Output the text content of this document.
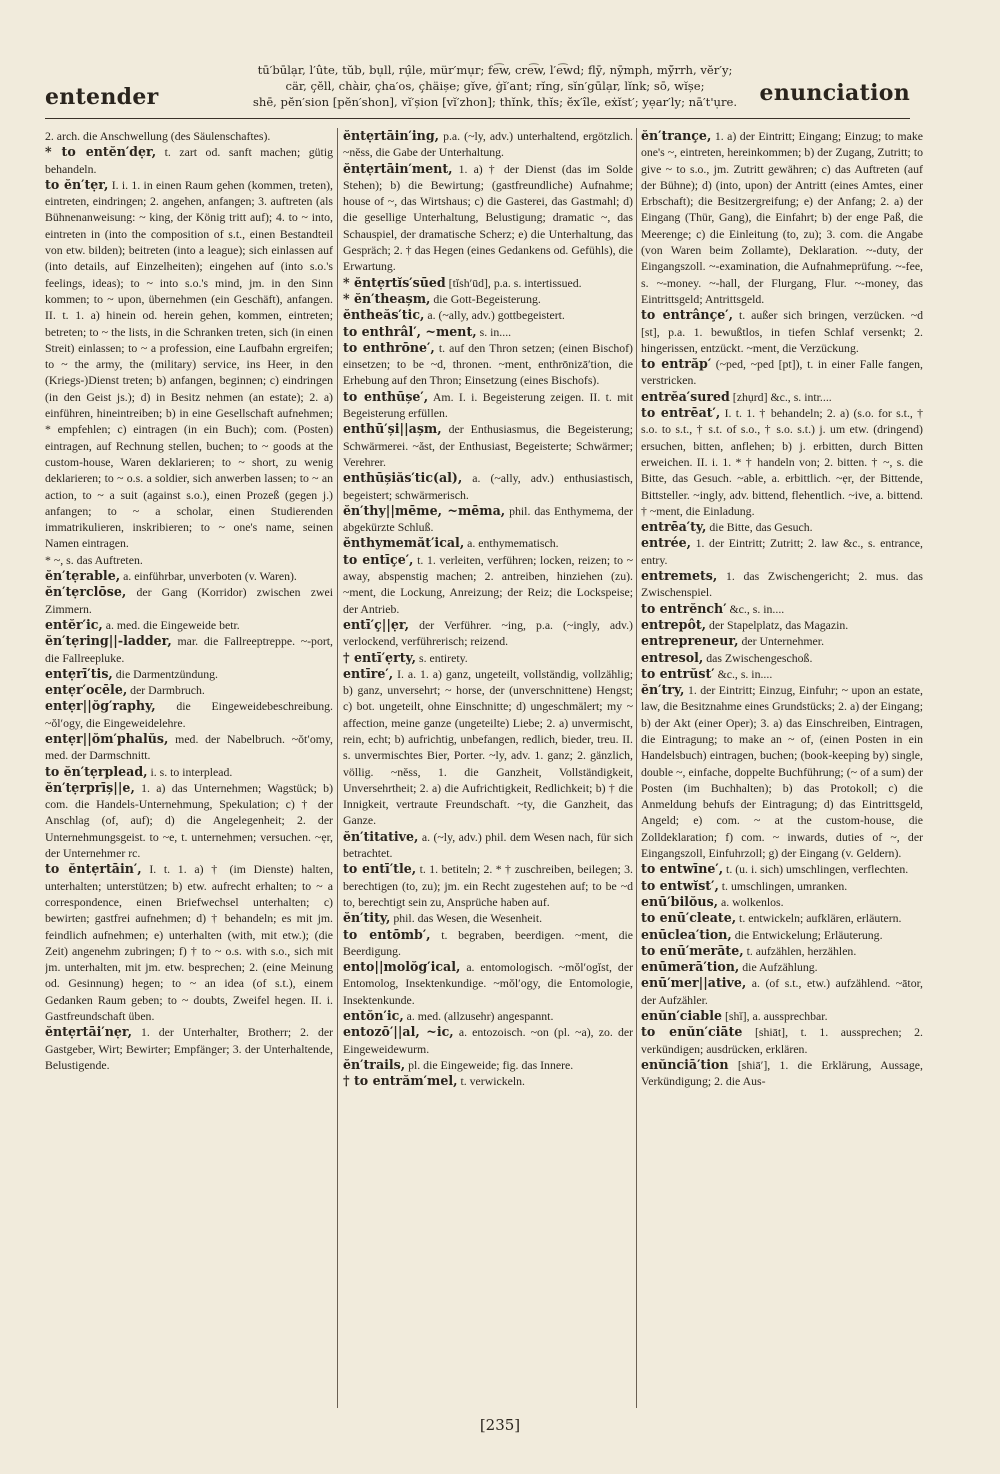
entender
tū′būlạr, l′ûte, tŭb, bụll, rụ̂le, mür′mụr; fe͡w, cre͡w, l′e͡wd; flȳ, nȳmph, mȳ̆rrh, vĕr′y;
cär, çĕll, chàir, çha′os, çhäișe; gĭve, ġĭ′ant; rĭng, sĭn′gūlạr, lĭnk; sō, wĭșe;
shē, pĕn′sion [pĕn′shon], vĭ′șion [vĭ′zhon]; thĭnk, thĭs; ĕx′île, eẋĭst′; yẹar′ly; nā′t'ụre.	enunciation

2. arch. die Anschwellung (des Säulenschaftes).

* to entĕn′dẹr, t. zart od. sanft machen; gütig behandeln.

to ĕn′tẹr, I. i. 1. in einen Raum gehen (kommen, treten), eintreten, eindringen; 2. angehen, anfangen; 3. auftreten (als Bühnenanweisung: ~ king, der König tritt auf); 4. to ~ into, eintreten in (into the composition of s.t., einen Bestandteil von etw. bilden); beitreten (into a league); sich einlassen auf (into details, auf Einzelheiten); eingehen auf (into s.o.'s feelings, ideas); to ~ into s.o.'s mind, jm. in den Sinn kommen; to ~ upon, übernehmen (ein Geschäft), anfangen. II. t. 1. a) hinein od. herein gehen, kommen, eintreten; betreten; to ~ the lists, in die Schranken treten, sich (in einen Streit) einlassen; to ~ a profession, eine Laufbahn ergreifen; to ~ the army, the (military) service, ins Heer, in den (Kriegs-)Dienst treten; b) anfangen, beginnen; c) eindringen (in den Geist js.); d) in Besitz nehmen (an estate); 2. a) einführen, hineintreiben; b) in eine Gesellschaft aufnehmen; * empfehlen; c) eintragen (in ein Buch); com. (Posten) eintragen, auf Rechnung stellen, buchen; to ~ goods at the custom-house, Waren deklarieren; to ~ short, zu wenig deklarieren; to ~ o.s. a soldier, sich anwerben lassen; to ~ an action, to ~ a suit (against s.o.), einen Prozeß (gegen j.) anfangen; to ~ a scholar, einen Studierenden immatrikulieren, inskribieren; to ~ one's name, seinen Namen eintragen.

* ~, s. das Auftreten.

ĕn′tẹrable, a. einführbar, unverboten (v. Waren).

ĕn′tẹrclōse, der Gang (Korridor) zwischen zwei Zimmern.

entĕr′ic, a. med. die Eingeweide betr.

ĕn′tẹring||-ladder, mar. die Fallreeptreppe. ~-port, die Fallreepluke.

entẹrī′tis, die Darmentzündung.

entẹr′ocēle, der Darmbruch.

entẹr||ŏg′raphy, die Eingeweidebeschreibung. ~ŏl′ogy, die Eingeweidelehre.

entẹr||ŏm′phalŭs, med. der Nabelbruch. ~ŏt′omy, med. der Darmschnitt.

to ĕn′tẹrplead, i. s. to interplead.

ĕn′tẹrprīș||e, 1. a) das Unternehmen; Wagstück; b) com. die Handels-Unternehmung, Spekulation; c) † der Anschlag (of, auf); d) die Angelegenheit; 2. der Unternehmungsgeist. to ~e, t. unternehmen; versuchen. ~ẹr, der Unternehmer rc.

to ĕntẹrtāin′, I. t. 1. a) † (im Dienste) halten, unterhalten; unterstützen; b) etw. aufrecht erhalten; to ~ a correspondence, einen Briefwechsel unterhalten; c) bewirten; gastfrei aufnehmen; d) † behandeln; es mit jm. feindlich aufnehmen; e) unterhalten (with, mit etw.); (die Zeit) angenehm zubringen; f) † to ~ o.s. with s.o., sich mit jm. unterhalten, mit jm. etw. besprechen; 2. (eine Meinung od. Gesinnung) hegen; to ~ an idea (of s.t.), einem Gedanken Raum geben; to ~ doubts, Zweifel hegen. II. i. Gastfreundschaft üben.

ĕntẹrtāi′nẹr, 1. der Unterhalter, Brotherr; 2. der Gastgeber, Wirt; Bewirter; Empfänger; 3. der Unterhaltende, Belustigende.

ĕntẹrtāin′ing, p.a. (~ly, adv.) unterhaltend, ergötzlich. ~nĕss, die Gabe der Unterhaltung.

ĕntẹrtāin′ment, 1. a) † der Dienst (das im Solde Stehen); b) die Bewirtung; (gastfreundliche) Aufnahme; house of ~, das Wirtshaus; c) die Gasterei, das Gastmahl; d) die gesellige Unterhaltung, Belustigung; dramatic ~, das Schauspiel, der dramatische Scherz; e) die Unterhaltung, das Gespräch; 2. † das Hegen (eines Gedankens od. Gefühls), die Erwartung.

* ĕntẹrtĭs′sūed [tĭsh′ūd], p.a. s. intertissued.

* ĕn′theașm, die Gott-Begeisterung.

ĕntheăs′tic, a. (~ally, adv.) gottbegeistert.

to enthrâl′, ~ment, s. in....

to enthrōne′, t. auf den Thron setzen; (einen Bischof) einsetzen; to be ~d, thronen. ~ment, enthrōnizā′tion, die Erhebung auf den Thron; Einsetzung (eines Bischofs).

to enthūșe′, Am. I. i. Begeisterung zeigen. II. t. mit Begeisterung erfüllen.

enthū′și||așm, der Enthusiasmus, die Begeisterung; Schwärmerei. ~ăst, der Enthusiast, Begeisterte; Schwärmer; Verehrer.

enthūșiăs′tic(al), a. (~ally, adv.) enthusiastisch, begeistert; schwärmerisch.

ĕn′thy||mēme, ~mēma, phil. das Enthymema, der abgekürzte Schluß.

ĕnthymemăt′ical, a. enthymematisch.

to entīçe′, t. 1. verleiten, verführen; locken, reizen; to ~ away, abspenstig machen; 2. antreiben, hinziehen (zu). ~ment, die Lockung, Anreizung; der Reiz; die Lockspeise; der Antrieb.

entī′ç||ẹr, der Verführer. ~ing, p.a. (~ingly, adv.) verlockend, verführerisch; reizend.

† entī′ẹrty, s. entirety.

entīre′, I. a. 1. a) ganz, ungeteilt, vollständig, vollzählig; b) ganz, unversehrt; ~ horse, der (unverschnittene) Hengst; c) bot. ungeteilt, ohne Einschnitte; d) ungeschmälert; my ~ affection, meine ganze (ungeteilte) Liebe; 2. a) unvermischt, rein, echt; b) aufrichtig, unbefangen, redlich, bieder, treu. II. s. unvermischtes Bier, Porter. ~ly, adv. 1. ganz; 2. gänzlich, völlig. ~nĕss, 1. die Ganzheit, Vollständigkeit, Unversehrtheit; 2. a) die Aufrichtigkeit, Redlichkeit; b) † die Innigkeit, vertraute Freundschaft. ~ty, die Ganzheit, das Ganze.

ĕn′titative, a. (~ly, adv.) phil. dem Wesen nach, für sich betrachtet.

to entī′tle, t. 1. betiteln; 2. * † zuschreiben, beilegen; 3. berechtigen (to, zu); jm. ein Recht zugestehen auf; to be ~d to, berechtigt sein zu, Ansprüche haben auf.

ĕn′tity, phil. das Wesen, die Wesenheit.

to entōmb′, t. begraben, beerdigen. ~ment, die Beerdigung.

ento||molŏg′ical, a. entomologisch. ~mŏl′ogĭst, der Entomolog, Insektenkundige. ~mŏl′ogy, die Entomologie, Insektenkunde.

entŏn′ic, a. med. (allzusehr) angespannt.

entozō′||al, ~ic, a. entozoisch. ~on (pl. ~a), zo. der Eingeweidewurm.

ĕn′trails, pl. die Eingeweide; fig. das Innere.

† to entrăm′mel, t. verwickeln.

ĕn′trançe, 1. a) der Eintritt; Eingang; Einzug; to make one's ~, eintreten, hereinkommen; b) der Zugang, Zutritt; to give ~ to s.o., jm. Zutritt gewähren; c) das Auftreten (auf der Bühne); d) (into, upon) der Antritt (eines Amtes, einer Erbschaft); die Besitzergreifung; e) der Anfang; 2. a) der Eingang (Thür, Gang), die Einfahrt; b) der enge Paß, die Meerenge; c) die Einleitung (to, zu); 3. com. die Angabe (von Waren beim Zollamte), Deklaration. ~-duty, der Eingangszoll. ~-examination, die Aufnahmeprüfung. ~-fee, s. ~-money. ~-hall, der Flurgang, Flur. ~-money, das Eintrittsgeld; Antrittsgeld.

to entrânçe′, t. außer sich bringen, verzücken. ~d [st], p.a. 1. bewußtlos, in tiefen Schlaf versenkt; 2. hingerissen, entzückt. ~ment, die Verzückung.

to entrăp′ (~ped, ~ped [pt]), t. in einer Falle fangen, verstricken.

entrĕa′sured [zhụrd] &c., s. intr....

to entrēat′, I. t. 1. † behandeln; 2. a) (s.o. for s.t., † s.o. to s.t., † s.t. of s.o., † s.o. s.t.) j. um etw. (dringend) ersuchen, bitten, anflehen; b) j. erbitten, durch Bitten erweichen. II. i. 1. * † handeln von; 2. bitten. † ~, s. die Bitte, das Gesuch. ~able, a. erbittlich. ~ẹr, der Bittende, Bittsteller. ~ingly, adv. bittend, flehentlich. ~ive, a. bittend. † ~ment, die Einladung.

entrēa′ty, die Bitte, das Gesuch.

entrée, 1. der Eintritt; Zutritt; 2. law &c., s. entrance, entry.

entremets, 1. das Zwischengericht; 2. mus. das Zwischenspiel.

to entrĕnch′ &c., s. in....

entrepôt, der Stapelplatz, das Magazin.

entrepreneur, der Unternehmer.

entresol, das Zwischengeschoß.

to entrŭst′ &c., s. in....

ĕn′try, 1. der Eintritt; Einzug, Einfuhr; ~ upon an estate, law, die Besitznahme eines Grundstücks; 2. a) der Eingang; b) der Akt (einer Oper); 3. a) das Einschreiben, Eintragen, die Eintragung; to make an ~ of, (einen Posten in ein Handelsbuch) eintragen, buchen; (book-keeping by) single, double ~, einfache, doppelte Buchführung; (~ of a sum) der Posten (im Buchhalten); b) das Protokoll; c) die Anmeldung behufs der Eintragung; d) das Eintrittsgeld, Angeld; e) com. ~ at the custom-house, die Zolldeklaration; f) com. ~ inwards, duties of ~, der Eingangszoll, Einfuhrzoll; g) der Eingang (v. Geldern).

to entwīne′, t. (u. i. sich) umschlingen, verflechten.

to entwĭst′, t. umschlingen, umranken.

enū′bilŏus, a. wolkenlos.

to enū′cleate, t. entwickeln; aufklären, erläutern.

enūclea′tion, die Entwickelung; Erläuterung.

to enū′merāte, t. aufzählen, herzählen.

enūmerā′tion, die Aufzählung.

enū′mer||ative, a. (of s.t., etw.) aufzählend. ~ātor, der Aufzähler.

enŭn′ciable [shĭ], a. aussprechbar.

to enŭn′ciāte [shiāt], t. 1. aussprechen; 2. verkündigen; ausdrücken, erklären.

enŭnciā′tion [shiā′], 1. die Erklärung, Aussage, Verkündigung; 2. die Aus-

[235]
